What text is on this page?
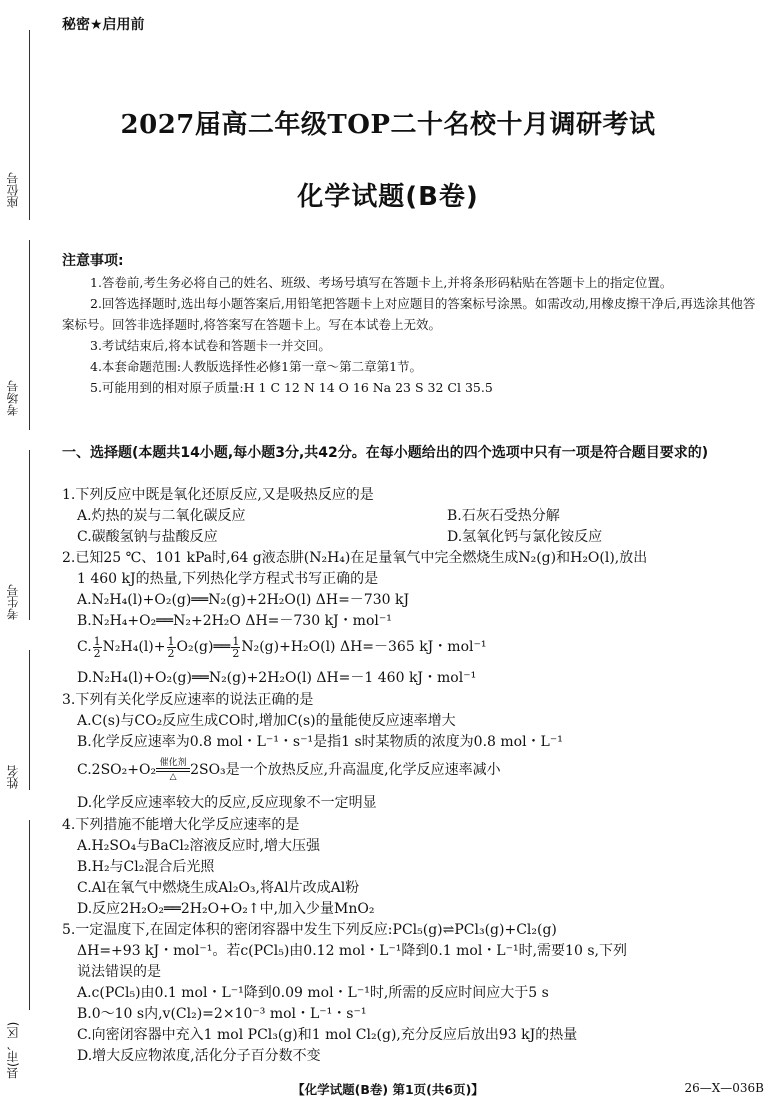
座位号
考场号
考生号
姓名
县(市、区)
秘密★启用前
2027届高二年级TOP二十名校十月调研考试
化学试题(B卷)
注意事项:

1.答卷前,考生务必将自己的姓名、班级、考场号填写在答题卡上,并将条形码粘贴在答题卡上的指定位置。

2.回答选择题时,选出每小题答案后,用铅笔把答题卡上对应题目的答案标号涂黑。如需改动,用橡皮擦干净后,再选涂其他答案标号。回答非选择题时,将答案写在答题卡上。写在本试卷上无效。

3.考试结束后,将本试卷和答题卡一并交回。

4.本套命题范围:人教版选择性必修1第一章～第二章第1节。

5.可能用到的相对原子质量:H 1 C 12 N 14 O 16 Na 23 S 32 Cl 35.5

一、选择题(本题共14小题,每小题3分,共42分。在每小题给出的四个选项中只有一项是符合题目要求的)
1.下列反应中既是氧化还原反应,又是吸热反应的是
A.灼热的炭与二氧化碳反应	B.石灰石受热分解
C.碳酸氢钠与盐酸反应	D.氢氧化钙与氯化铵反应
2.已知25 ℃、101 kPa时,64 g液态肼(N₂H₄)在足量氧气中完全燃烧生成N₂(g)和H₂O(l),放出
1 460 kJ的热量,下列热化学方程式书写正确的是
A.N₂H₄(l)+O₂(g)══N₂(g)+2H₂O(l) ΔH=－730 kJ
B.N₂H₄+O₂══N₂+2H₂O ΔH=－730 kJ・mol⁻¹
C. $\frac{1}{2} N_2H_4(l)+ \frac{1}{2}$ O₂(g)══ $\frac{1}{2} N_2(g)+H_2O(l)$ ΔH=－365 kJ・mol⁻¹
D.N₂H₄(l)+O₂(g)══N₂(g)+2H₂O(l) ΔH=－1 460 kJ・mol⁻¹
3.下列有关化学反应速率的说法正确的是
A.C(s)与CO₂反应生成CO时,增加C(s)的量能使反应速率增大
B.化学反应速率为0.8 mol・L⁻¹・s⁻¹是指1 s时某物质的浓度为0.8 mol・L⁻¹
C.2SO₂+O₂ 催化剂
△ 2SO₃是一个放热反应,升高温度,化学反应速率减小
D.化学反应速率较大的反应,反应现象不一定明显
4.下列措施不能增大化学反应速率的是
A.H₂SO₄与BaCl₂溶液反应时,增大压强
B.H₂与Cl₂混合后光照
C.Al在氧气中燃烧生成Al₂O₃,将Al片改成Al粉
D.反应2H₂O₂══2H₂O+O₂↑中,加入少量MnO₂
5.一定温度下,在固定体积的密闭容器中发生下列反应:PCl₅(g)⇌PCl₃(g)+Cl₂(g)
ΔH=+93 kJ・mol⁻¹。若c(PCl₅)由0.12 mol・L⁻¹降到0.1 mol・L⁻¹时,需要10 s,下列
说法错误的是
A.c(PCl₅)由0.1 mol・L⁻¹降到0.09 mol・L⁻¹时,所需的反应时间应大于5 s
B.0～10 s内,v(Cl₂)=2×10⁻³ mol・L⁻¹・s⁻¹
C.向密闭容器中充入1 mol PCl₃(g)和1 mol Cl₂(g),充分反应后放出93 kJ的热量
D.增大反应物浓度,活化分子百分数不变
【化学试题(B卷) 第1页(共6页)】	26—X—036B
